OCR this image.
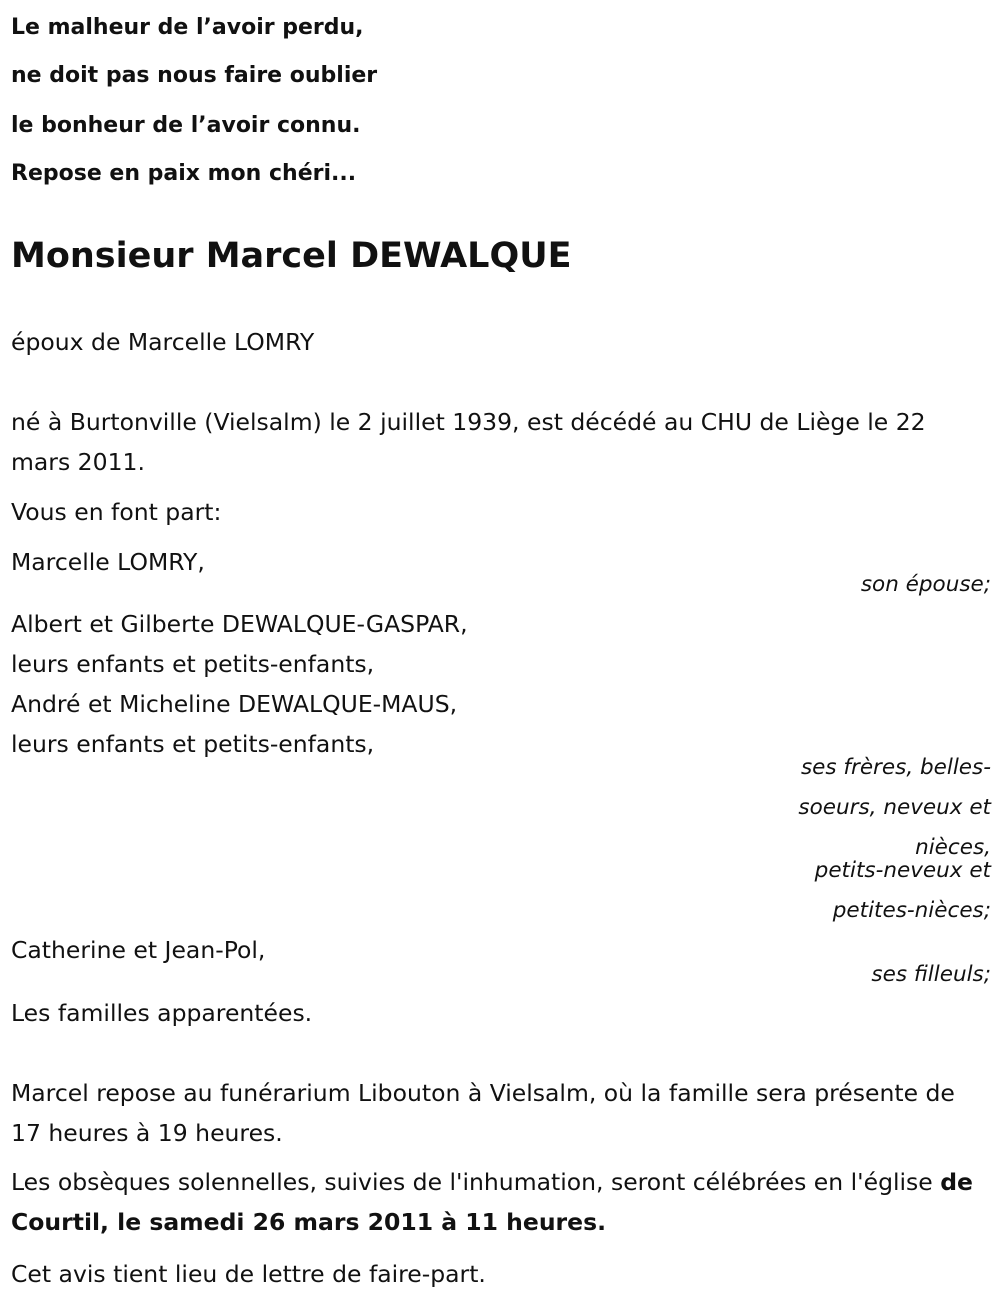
Le malheur de l’avoir perdu,
ne doit pas nous faire oublier
le bonheur de l’avoir connu.
Repose en paix mon chéri...
Monsieur Marcel DEWALQUE
époux de Marcelle LOMRY
né à Burtonville (Vielsalm) le 2 juillet 1939, est décédé au CHU de Liège le 22 mars 2011.
Vous en font part:
Marcelle LOMRY,
son épouse;
Albert et Gilberte DEWALQUE-GASPAR,
leurs enfants et petits-enfants,
André et Micheline DEWALQUE-MAUS,
leurs enfants et petits-enfants,
ses frères, belles-soeurs, neveux et nièces,
petits-neveux et petites-nièces;
Catherine et Jean-Pol,
ses filleuls;
Les familles apparentées.
Marcel repose au funérarium Libouton à Vielsalm, où la famille sera présente de 17 heures à 19 heures.
Les obsèques solennelles, suivies de l'inhumation, seront célébrées en l'église de Courtil, le samedi 26 mars 2011 à 11 heures.
Cet avis tient lieu de lettre de faire-part.
